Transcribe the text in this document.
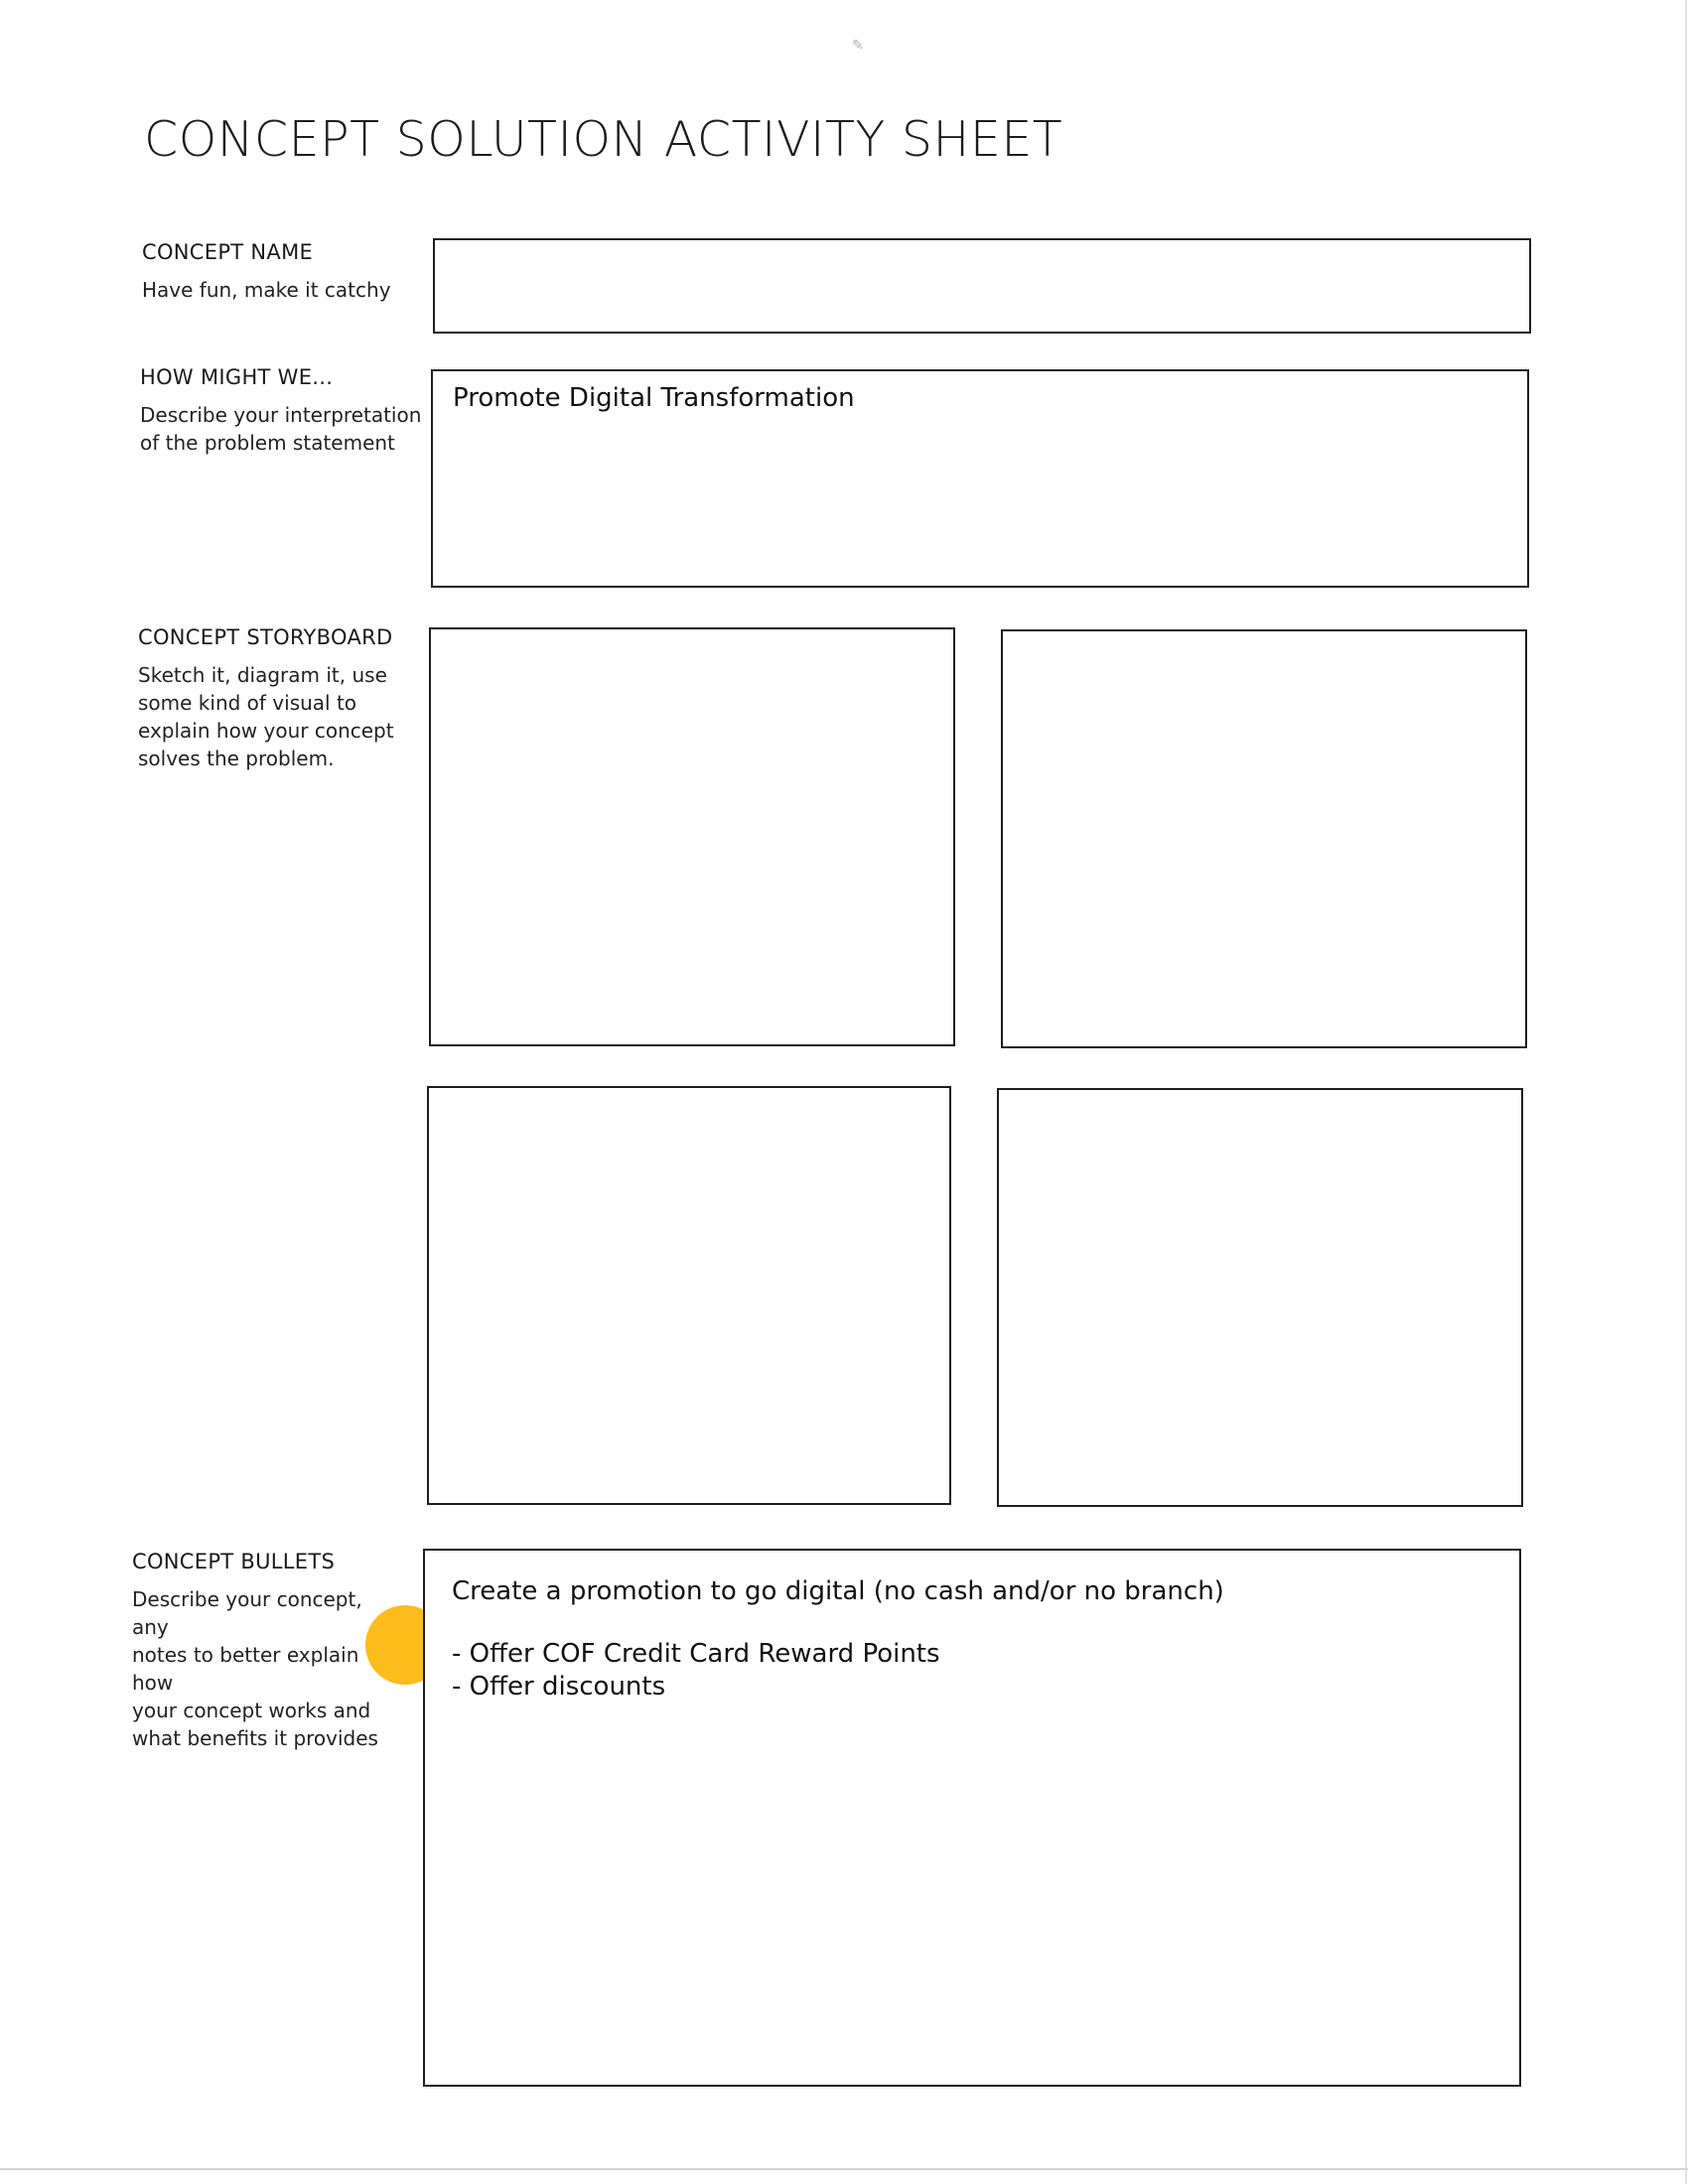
✎
CONCEPT SOLUTION ACTIVITY SHEET
CONCEPT NAME
Have fun, make it catchy
HOW MIGHT WE...
Describe your interpretation
of the problem statement
Promote Digital Transformation
CONCEPT STORYBOARD
Sketch it, diagram it, use
some kind of visual to
explain how your concept
solves the problem.
CONCEPT BULLETS
Describe your concept, any
notes to better explain how
your concept works and
what benefits it provides
Create a promotion to go digital (no cash and/or no branch)
- Offer COF Credit Card Reward Points
- Offer discounts
